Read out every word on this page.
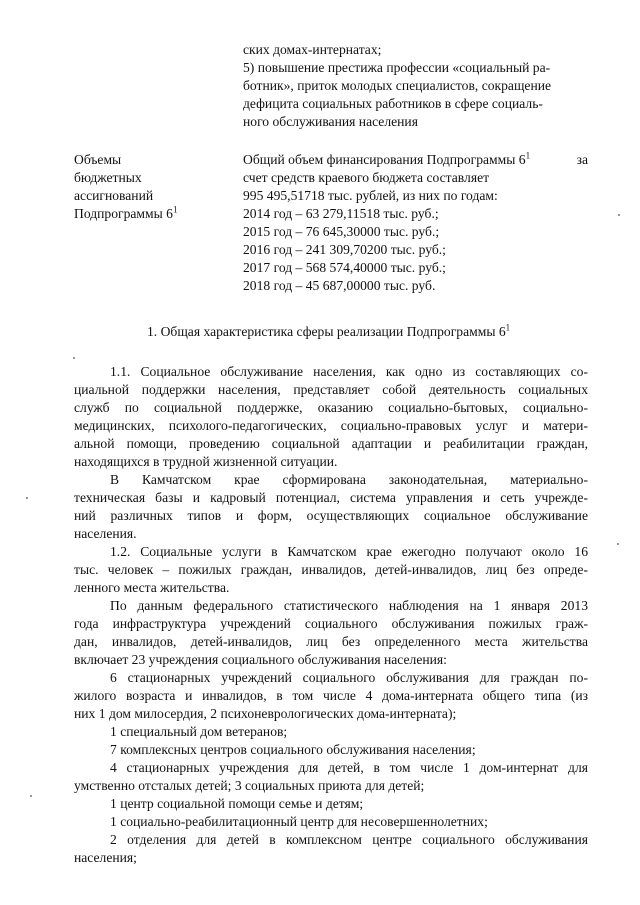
ских домах-интернатах;
5) повышение престижа профессии «социальный ра-
ботник», приток молодых специалистов, сокращение
дефицита социальных работников в сфере социаль-
ного обслуживания населения
Объемы
бюджетных
ассигнований
Подпрограммы $6^1$
Общий объем финансирования Подпрограммы $6^1$	за
счет средств краевого бюджета составляет
995 495,51718 тыс. рублей, из них по годам:
2014 год – 63 279,11518 тыс. руб.;
2015 год – 76 645,30000 тыс. руб.;
2016 год – 241 309,70200 тыс. руб.;
2017 год – 568 574,40000 тыс. руб.;
2018 год – 45 687,00000 тыс. руб.
1. Общая характеристика сферы реализации Подпрограммы $6^1$
1.1. Социальное обслуживание населения, как одно из составляющих со-
циальной поддержки населения, представляет собой деятельность социальных
служб по социальной поддержке, оказанию социально-бытовых, социально-
медицинских, психолого-педагогических, социально-правовых услуг и матери-
альной помощи, проведению социальной адаптации и реабилитации граждан,
находящихся в трудной жизненной ситуации.
В Камчатском крае сформирована законодательная, материально-
техническая базы и кадровый потенциал, система управления и сеть учрежде-
ний различных типов и форм, осуществляющих социальное обслуживание
населения.
1.2. Социальные услуги в Камчатском крае ежегодно получают около 16
тыс. человек – пожилых граждан, инвалидов, детей-инвалидов, лиц без опреде-
ленного места жительства.
По данным федерального статистического наблюдения на 1 января 2013
года инфраструктура учреждений социального обслуживания пожилых граж-
дан, инвалидов, детей-инвалидов, лиц без определенного места жительства
включает 23 учреждения социального обслуживания населения:
6 стационарных учреждений социального обслуживания для граждан по-
жилого возраста и инвалидов, в том числе 4 дома-интерната общего типа (из
них 1 дом милосердия, 2 психоневрологических дома-интерната);
1 специальный дом ветеранов;
7 комплексных центров социального обслуживания населения;
4 стационарных учреждения для детей, в том числе 1 дом-интернат для
умственно отсталых детей; 3 социальных приюта для детей;
1 центр социальной помощи семье и детям;
1 социально-реабилитационный центр для несовершеннолетних;
2 отделения для детей в комплексном центре социального обслуживания
населения;
